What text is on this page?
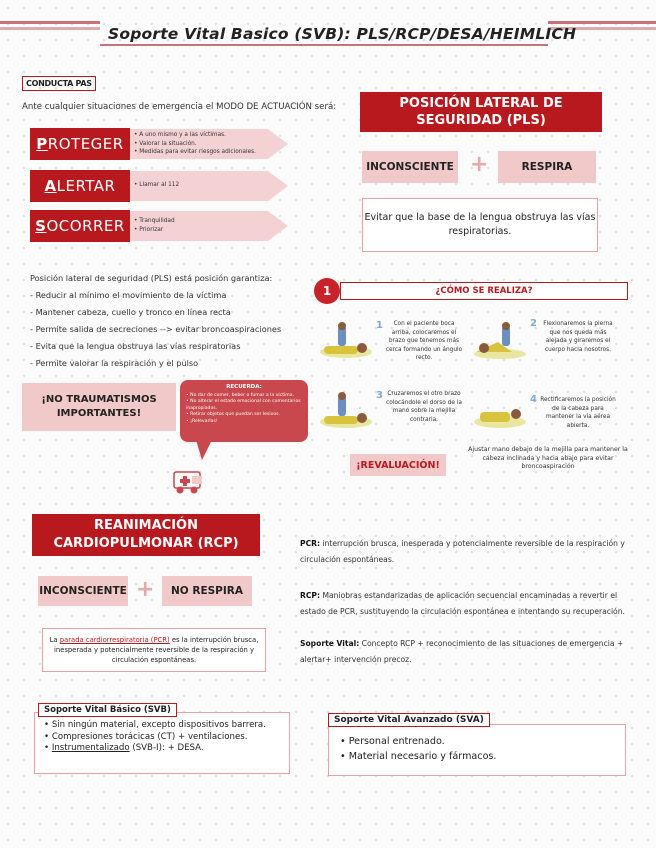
Soporte Vital Basico (SVB): PLS/RCP/DESA/HEIMLICH
CONDUCTA PAS
Ante cualquier situaciones de emergencia el MODO DE ACTUACIÓN será:
P ROTEGER	• A uno mismo y a las víctimas.
• Valorar la situación.
• Medidas para evitar riesgos adicionales.
A LERTAR	• Llamar al 112
S OCORRER	• Tranquilidad
• Priorizar
POSICIÓN LATERAL DE
SEGURIDAD (PLS)
INCONSCIENTE +	RESPIRA
Evitar que la base de la lengua obstruya las vías respiratorias.
Posición lateral de seguridad (PLS) está posición garantiza:
- Reducir al mínimo el movimiento de la víctima
- Mantener cabeza, cuello y tronco en línea recta
- Permite salida de secreciones --> evitar broncoaspiraciones
- Evita que la lengua obstruya las vías respiratorias
- Permite valorar la respiración y el pulso
¡NO TRAUMATISMOS
IMPORTANTES!
RECUERDA:
• No dar de comer, beber o fumar a la víctima.
• No alterar el estado emocional con comentarios inapropiados.
• Retirar objetos que puedan ser lesivos.
• ¡Relevarlas!
1	¿CÓMO SE REALIZA?
1	Con el paciente boca arriba, colocaremos el brazo que tenemos más cerca formando un ángulo recto.
2	Flexionaremos la pierna que nos queda más alejada y giraremos el cuerpo hacia nosotros.
3 Cruzaremos el otro brazo colocándole el dorso de la mano sobre la mejilla contraria.
4 Rectificaremos la posición de la cabeza para mantener la vía aérea abierta.
¡REVALUACIÓN!
Ajustar mano debajo de la mejilla para mantener la cabeza inclinada y hacia abajo para evitar broncoaspiración
REANIMACIÓN
CARDIOPULMONAR (RCP)
INCONSCIENTE +	NO RESPIRA
La parada cardiorrespiratoria (PCR) es la interrupción brusca, inesperada y potencialmente reversible de la respiración y circulación espontáneas.
PCR: interrupción brusca, inesperada y potencialmente reversible de la respiración y circulación espontáneas.
RCP: Maniobras estandarizadas de aplicación secuencial encaminadas a revertir el estado de PCR, sustituyendo la circulación espontánea e intentando su recuperación.
Soporte Vital: Concepto RCP + reconocimiento de las situaciones de emergencia + alertar+ intervención precoz.
Soporte Vital Básico (SVB)
• Sin ningún material, excepto dispositivos barrera.
• Compresiones torácicas (CT) + ventilaciones.
• Instrumentalizado (SVB-I): + DESA.
Soporte Vital Avanzado (SVA)
• Personal entrenado.
• Material necesario y fármacos.
